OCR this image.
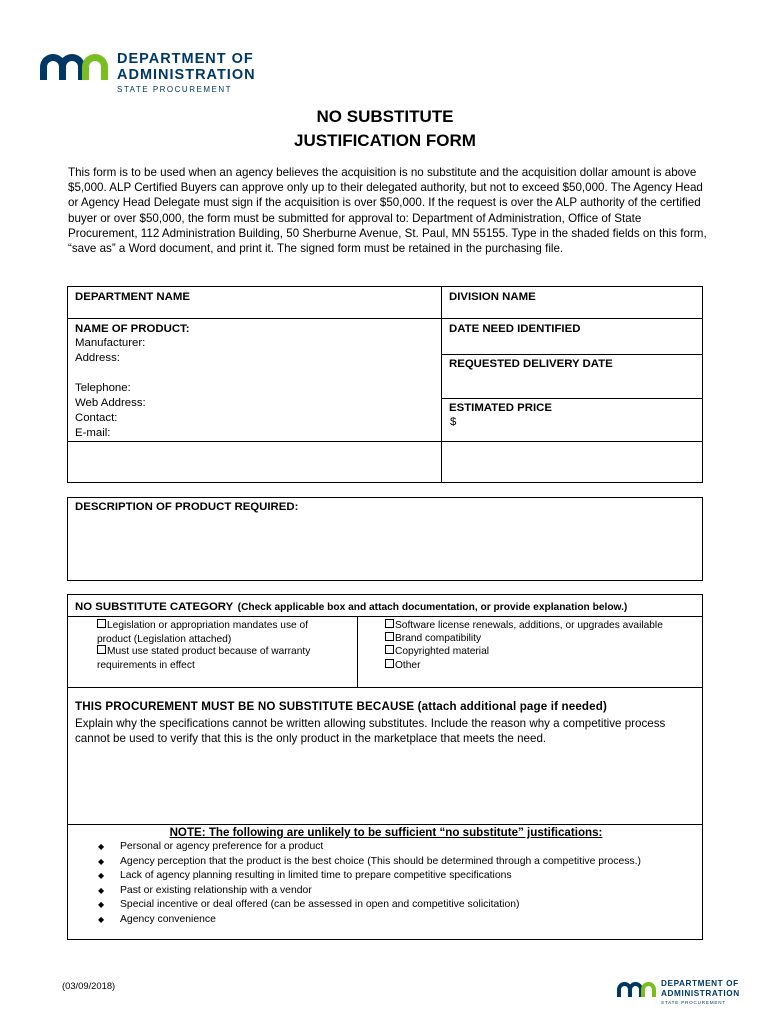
DEPARTMENT OF
ADMINISTRATION
STATE PROCUREMENT
NO SUBSTITUTE
JUSTIFICATION FORM
This form is to be used when an agency believes the acquisition is no substitute and the acquisition dollar amount is above $5,000. ALP Certified Buyers can approve only up to their delegated authority, but not to exceed $50,000. The Agency Head or Agency Head Delegate must sign if the acquisition is over $50,000. If the request is over the ALP authority of the certified buyer or over $50,000, the form must be submitted for approval to: Department of Administration, Office of State Procurement, 112 Administration Building, 50 Sherburne Avenue, St. Paul, MN 55155. Type in the shaded fields on this form, “save as” a Word document, and print it. The signed form must be retained in the purchasing file.
DEPARTMENT NAME	DIVISION NAME
NAME OF PRODUCT:
Manufacturer:
Address:
Telephone:
Web Address:
Contact:
E-mail:
DATE NEED IDENTIFIED
REQUESTED DELIVERY DATE
ESTIMATED PRICE
$
DESCRIPTION OF PRODUCT REQUIRED:
NO SUBSTITUTE CATEGORY (Check applicable box and attach documentation, or provide explanation below.)
Legislation or appropriation mandates use of
product (Legislation attached)
Must use stated product because of warranty
requirements in effect
Software license renewals, additions, or upgrades available
Brand compatibility
Copyrighted material
Other
THIS PROCUREMENT MUST BE NO SUBSTITUTE BECAUSE (attach additional page if needed)
Explain why the specifications cannot be written allowing substitutes. Include the reason why a competitive process cannot be used to verify that this is the only product in the marketplace that meets the need.
NOTE: The following are unlikely to be sufficient “no substitute” justifications:
◆ Personal or agency preference for a product
◆ Agency perception that the product is the best choice (This should be determined through a competitive process.)
◆ Lack of agency planning resulting in limited time to prepare competitive specifications
◆ Past or existing relationship with a vendor
◆ Special incentive or deal offered (can be assessed in open and competitive solicitation)
◆ Agency convenience
(03/09/2018)	DEPARTMENT OF
ADMINISTRATION
STATE PROCUREMENT
